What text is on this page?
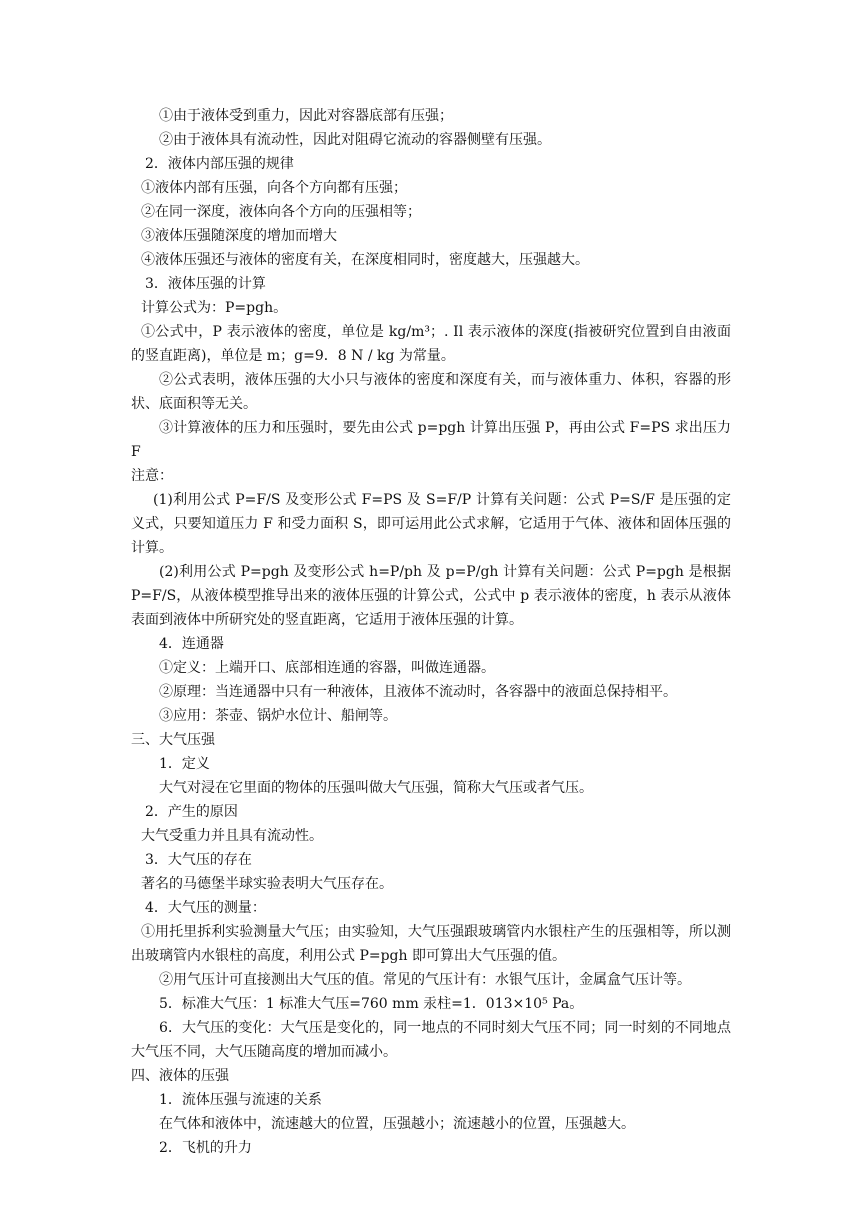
①由于液体受到重力，因此对容器底部有压强；

②由于液体具有流动性，因此对阻碍它流动的容器侧壁有压强。

2．液体内部压强的规律

①液体内部有压强，向各个方向都有压强；

②在同一深度，液体向各个方向的压强相等；

③液体压强随深度的增加而增大

④液体压强还与液体的密度有关，在深度相同时，密度越大，压强越大。

3．液体压强的计算

计算公式为：P=pgh。

①公式中，P 表示液体的密度，单位是 kg/m³；. Il 表示液体的深度(指被研究位置到自由液面的竖直距离)，单位是 m；g=9．8 N / kg 为常量。

②公式表明，液体压强的大小只与液体的密度和深度有关，而与液体重力、体积，容器的形状、底面积等无关。

③计算液体的压力和压强时，要先由公式 p=pgh 计算出压强 P，再由公式 F=PS 求出压力 F

注意：

(1)利用公式 P=F/S 及变形公式 F=PS 及 S=F/P 计算有关问题：公式 P=S/F 是压强的定义式，只要知道压力 F 和受力面积 S，即可运用此公式求解，它适用于气体、液体和固体压强的计算。

(2)利用公式 P=pgh 及变形公式 h=P/ph 及 p=P/gh 计算有关问题：公式 P=pgh 是根据P=F/S，从液体模型推导出来的液体压强的计算公式，公式中 p 表示液体的密度，h 表示从液体表面到液体中所研究处的竖直距离，它适用于液体压强的计算。

4．连通器

①定义：上端开口、底部相连通的容器，叫做连通器。

②原理：当连通器中只有一种液体，且液体不流动时，各容器中的液面总保持相平。

③应用：茶壶、锅炉水位计、船闸等。

三、大气压强

1．定义

大气对浸在它里面的物体的压强叫做大气压强，简称大气压或者气压。

2．产生的原因

大气受重力并且具有流动性。

3．大气压的存在

著名的马德堡半球实验表明大气压存在。

4．大气压的测量：

①用托里拆利实验测量大气压；由实验知，大气压强跟玻璃管内水银柱产生的压强相等，所以测出玻璃管内水银柱的高度，利用公式 P=pgh 即可算出大气压强的值。

②用气压计可直接测出大气压的值。常见的气压计有：水银气压计，金属盒气压计等。

5．标准大气压：1 标准大气压=760 mm 汞柱=1．013×10⁵ Pa。

6．大气压的变化：大气压是变化的，同一地点的不同时刻大气压不同；同一时刻的不同地点大气压不同，大气压随高度的增加而减小。

四、液体的压强

1．流体压强与流速的关系

在气体和液体中，流速越大的位置，压强越小；流速越小的位置，压强越大。

2．飞机的升力
